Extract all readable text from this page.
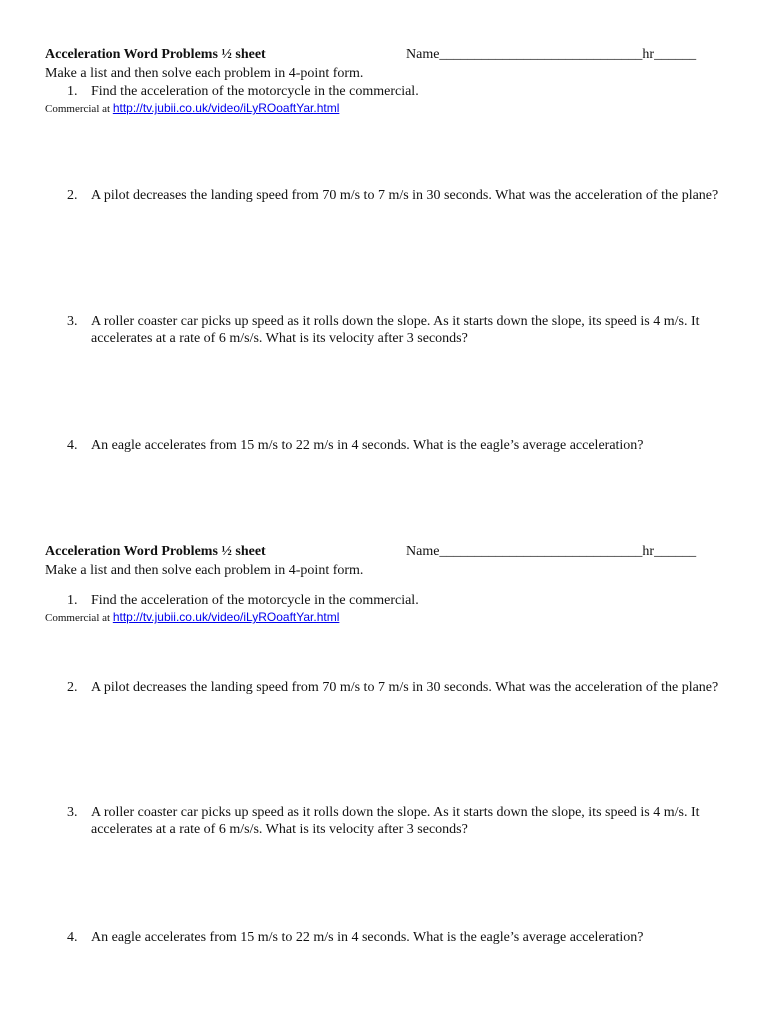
Acceleration Word Problems ½ sheet	Name_____________________________hr______
Make a list and then solve each problem in 4-point form.
1. Find the acceleration of the motorcycle in the commercial.
Commercial at http://tv.jubii.co.uk/video/iLyROoaftYar.html
2. A pilot decreases the landing speed from 70 m/s to 7 m/s in 30 seconds. What was the acceleration of the plane?
3. A roller coaster car picks up speed as it rolls down the slope. As it starts down the slope, its speed is 4 m/s. It accelerates at a rate of 6 m/s/s. What is its velocity after 3 seconds?
4. An eagle accelerates from 15 m/s to 22 m/s in 4 seconds. What is the eagle’s average acceleration?
Acceleration Word Problems ½ sheet	Name_____________________________hr______
Make a list and then solve each problem in 4-point form.
1. Find the acceleration of the motorcycle in the commercial.
Commercial at http://tv.jubii.co.uk/video/iLyROoaftYar.html
2. A pilot decreases the landing speed from 70 m/s to 7 m/s in 30 seconds. What was the acceleration of the plane?
3. A roller coaster car picks up speed as it rolls down the slope. As it starts down the slope, its speed is 4 m/s. It accelerates at a rate of 6 m/s/s. What is its velocity after 3 seconds?
4. An eagle accelerates from 15 m/s to 22 m/s in 4 seconds. What is the eagle’s average acceleration?
